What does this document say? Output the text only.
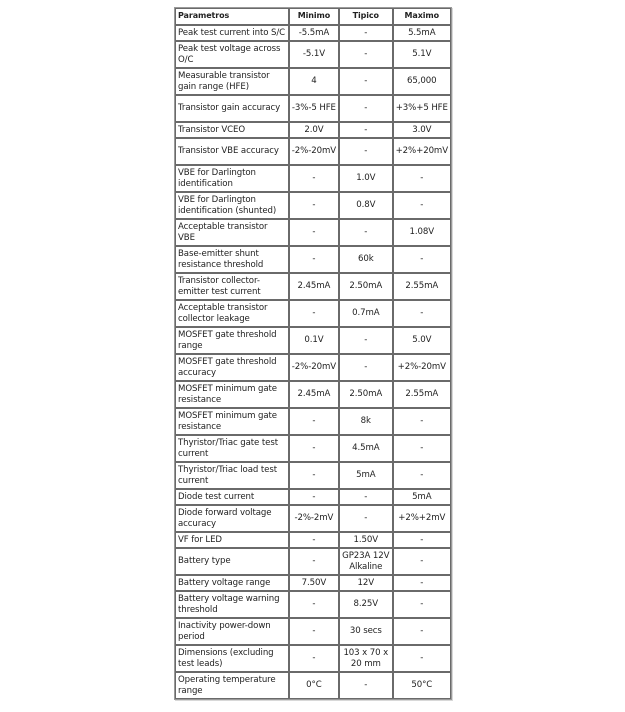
Parametros	Minimo	Tipico	Maximo
Peak test current into S/C	-5.5mA	-	5.5mA
Peak test voltage across O/C	-5.1V	-	5.1V
Measurable transistor gain range (HFE)	4	-	65,000
Transistor gain accuracy	-3%-5 HFE	-	+3%+5 HFE
Transistor VCEO	2.0V	-	3.0V
Transistor VBE accuracy	-2%-20mV	-	+2%+20mV
VBE for Darlington identification	-	1.0V	-
VBE for Darlington identification (shunted)	-	0.8V	-
Acceptable transistor VBE	-	-	1.08V
Base-emitter shunt resistance threshold	-	60k	-
Transistor collector-emitter test current	2.45mA	2.50mA	2.55mA
Acceptable transistor collector leakage	-	0.7mA	-
MOSFET gate threshold range	0.1V	-	5.0V
MOSFET gate threshold accuracy	-2%-20mV	-	+2%-20mV
MOSFET minimum gate resistance	2.45mA	2.50mA	2.55mA
MOSFET minimum gate resistance	-	8k	-
Thyristor/Triac gate test current	-	4.5mA	-
Thyristor/Triac load test current	-	5mA	-
Diode test current	-	-	5mA
Diode forward voltage accuracy	-2%-2mV	-	+2%+2mV
VF for LED	-	1.50V	-
Battery type	-	GP23A 12V Alkaline	-
Battery voltage range	7.50V	12V	-
Battery voltage warning threshold	-	8.25V	-
Inactivity power-down period	-	30 secs	-
Dimensions (excluding test leads)	-	103 x 70 x 20 mm	-
Operating temperature range	0°C	-	50°C
